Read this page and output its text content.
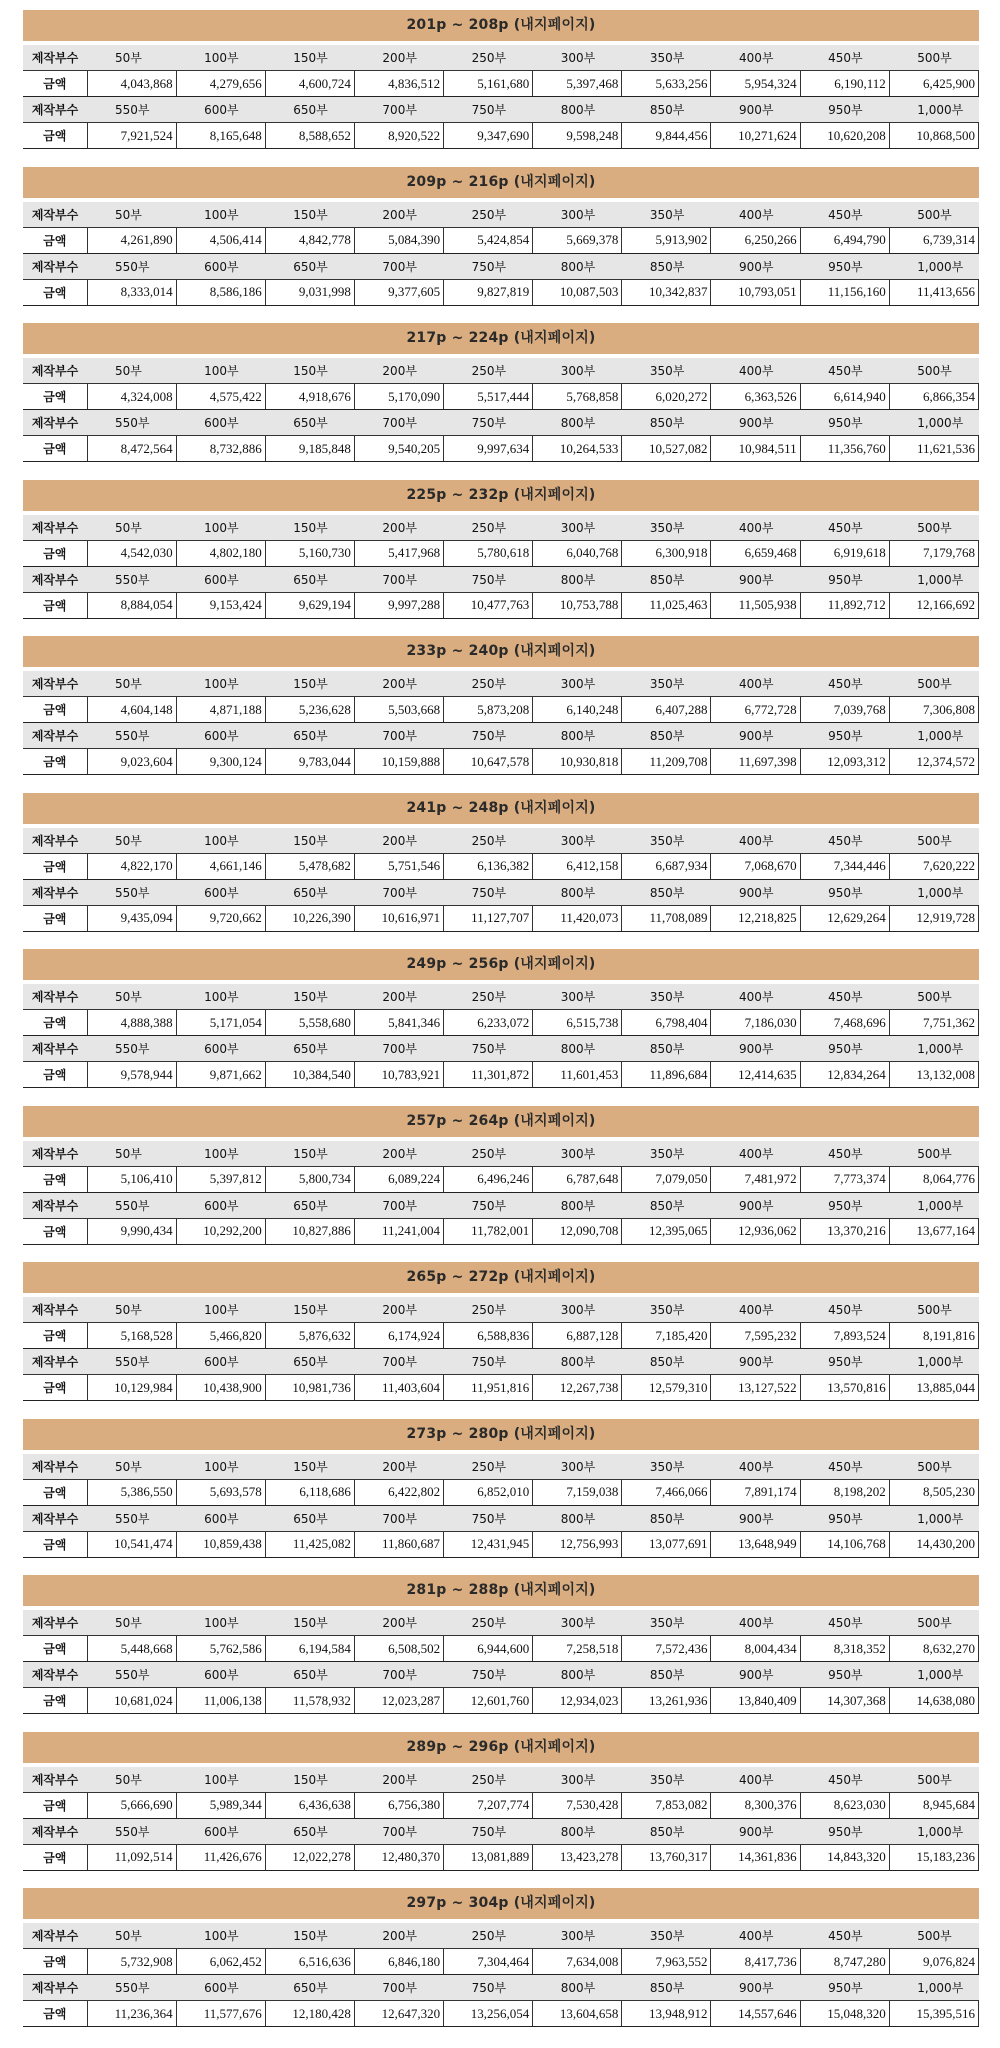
201p ~ 208p (내지페이지)
제작부수	50부	100부	150부	200부	250부	300부	350부	400부	450부	500부
금액	4,043,868	4,279,656	4,600,724	4,836,512	5,161,680	5,397,468	5,633,256	5,954,324	6,190,112	6,425,900
제작부수	550부	600부	650부	700부	750부	800부	850부	900부	950부	1,000부
금액	7,921,524	8,165,648	8,588,652	8,920,522	9,347,690	9,598,248	9,844,456	10,271,624	10,620,208	10,868,500
209p ~ 216p (내지페이지)
제작부수	50부	100부	150부	200부	250부	300부	350부	400부	450부	500부
금액	4,261,890	4,506,414	4,842,778	5,084,390	5,424,854	5,669,378	5,913,902	6,250,266	6,494,790	6,739,314
제작부수	550부	600부	650부	700부	750부	800부	850부	900부	950부	1,000부
금액	8,333,014	8,586,186	9,031,998	9,377,605	9,827,819	10,087,503	10,342,837	10,793,051	11,156,160	11,413,656
217p ~ 224p (내지페이지)
제작부수	50부	100부	150부	200부	250부	300부	350부	400부	450부	500부
금액	4,324,008	4,575,422	4,918,676	5,170,090	5,517,444	5,768,858	6,020,272	6,363,526	6,614,940	6,866,354
제작부수	550부	600부	650부	700부	750부	800부	850부	900부	950부	1,000부
금액	8,472,564	8,732,886	9,185,848	9,540,205	9,997,634	10,264,533	10,527,082	10,984,511	11,356,760	11,621,536
225p ~ 232p (내지페이지)
제작부수	50부	100부	150부	200부	250부	300부	350부	400부	450부	500부
금액	4,542,030	4,802,180	5,160,730	5,417,968	5,780,618	6,040,768	6,300,918	6,659,468	6,919,618	7,179,768
제작부수	550부	600부	650부	700부	750부	800부	850부	900부	950부	1,000부
금액	8,884,054	9,153,424	9,629,194	9,997,288	10,477,763	10,753,788	11,025,463	11,505,938	11,892,712	12,166,692
233p ~ 240p (내지페이지)
제작부수	50부	100부	150부	200부	250부	300부	350부	400부	450부	500부
금액	4,604,148	4,871,188	5,236,628	5,503,668	5,873,208	6,140,248	6,407,288	6,772,728	7,039,768	7,306,808
제작부수	550부	600부	650부	700부	750부	800부	850부	900부	950부	1,000부
금액	9,023,604	9,300,124	9,783,044	10,159,888	10,647,578	10,930,818	11,209,708	11,697,398	12,093,312	12,374,572
241p ~ 248p (내지페이지)
제작부수	50부	100부	150부	200부	250부	300부	350부	400부	450부	500부
금액	4,822,170	4,661,146	5,478,682	5,751,546	6,136,382	6,412,158	6,687,934	7,068,670	7,344,446	7,620,222
제작부수	550부	600부	650부	700부	750부	800부	850부	900부	950부	1,000부
금액	9,435,094	9,720,662	10,226,390	10,616,971	11,127,707	11,420,073	11,708,089	12,218,825	12,629,264	12,919,728
249p ~ 256p (내지페이지)
제작부수	50부	100부	150부	200부	250부	300부	350부	400부	450부	500부
금액	4,888,388	5,171,054	5,558,680	5,841,346	6,233,072	6,515,738	6,798,404	7,186,030	7,468,696	7,751,362
제작부수	550부	600부	650부	700부	750부	800부	850부	900부	950부	1,000부
금액	9,578,944	9,871,662	10,384,540	10,783,921	11,301,872	11,601,453	11,896,684	12,414,635	12,834,264	13,132,008
257p ~ 264p (내지페이지)
제작부수	50부	100부	150부	200부	250부	300부	350부	400부	450부	500부
금액	5,106,410	5,397,812	5,800,734	6,089,224	6,496,246	6,787,648	7,079,050	7,481,972	7,773,374	8,064,776
제작부수	550부	600부	650부	700부	750부	800부	850부	900부	950부	1,000부
금액	9,990,434	10,292,200	10,827,886	11,241,004	11,782,001	12,090,708	12,395,065	12,936,062	13,370,216	13,677,164
265p ~ 272p (내지페이지)
제작부수	50부	100부	150부	200부	250부	300부	350부	400부	450부	500부
금액	5,168,528	5,466,820	5,876,632	6,174,924	6,588,836	6,887,128	7,185,420	7,595,232	7,893,524	8,191,816
제작부수	550부	600부	650부	700부	750부	800부	850부	900부	950부	1,000부
금액	10,129,984	10,438,900	10,981,736	11,403,604	11,951,816	12,267,738	12,579,310	13,127,522	13,570,816	13,885,044
273p ~ 280p (내지페이지)
제작부수	50부	100부	150부	200부	250부	300부	350부	400부	450부	500부
금액	5,386,550	5,693,578	6,118,686	6,422,802	6,852,010	7,159,038	7,466,066	7,891,174	8,198,202	8,505,230
제작부수	550부	600부	650부	700부	750부	800부	850부	900부	950부	1,000부
금액	10,541,474	10,859,438	11,425,082	11,860,687	12,431,945	12,756,993	13,077,691	13,648,949	14,106,768	14,430,200
281p ~ 288p (내지페이지)
제작부수	50부	100부	150부	200부	250부	300부	350부	400부	450부	500부
금액	5,448,668	5,762,586	6,194,584	6,508,502	6,944,600	7,258,518	7,572,436	8,004,434	8,318,352	8,632,270
제작부수	550부	600부	650부	700부	750부	800부	850부	900부	950부	1,000부
금액	10,681,024	11,006,138	11,578,932	12,023,287	12,601,760	12,934,023	13,261,936	13,840,409	14,307,368	14,638,080
289p ~ 296p (내지페이지)
제작부수	50부	100부	150부	200부	250부	300부	350부	400부	450부	500부
금액	5,666,690	5,989,344	6,436,638	6,756,380	7,207,774	7,530,428	7,853,082	8,300,376	8,623,030	8,945,684
제작부수	550부	600부	650부	700부	750부	800부	850부	900부	950부	1,000부
금액	11,092,514	11,426,676	12,022,278	12,480,370	13,081,889	13,423,278	13,760,317	14,361,836	14,843,320	15,183,236
297p ~ 304p (내지페이지)
제작부수	50부	100부	150부	200부	250부	300부	350부	400부	450부	500부
금액	5,732,908	6,062,452	6,516,636	6,846,180	7,304,464	7,634,008	7,963,552	8,417,736	8,747,280	9,076,824
제작부수	550부	600부	650부	700부	750부	800부	850부	900부	950부	1,000부
금액	11,236,364	11,577,676	12,180,428	12,647,320	13,256,054	13,604,658	13,948,912	14,557,646	15,048,320	15,395,516
